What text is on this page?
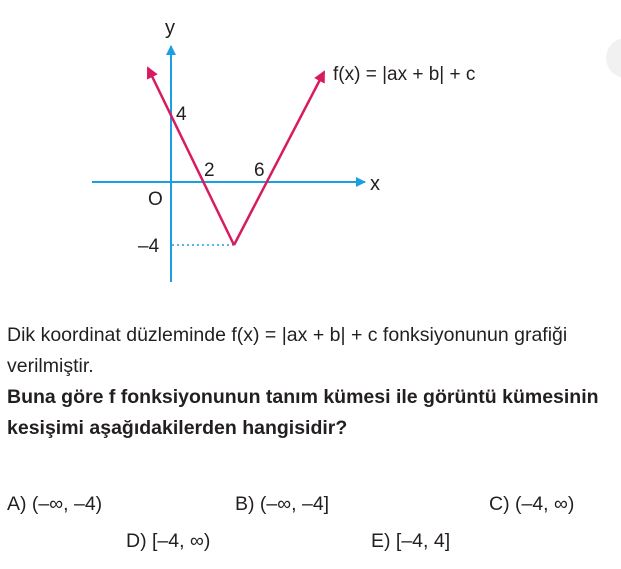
y
x
O
4
2 6
–4
f(x) = |ax + b| + c

Dik koordinat düzleminde f(x) = |ax + b| + c fonksiyonunun grafiği verilmiştir.

Buna göre f fonksiyonunun tanım kümesi ile görüntü kümesinin kesişimi aşağıdakilerden hangisidir?

A) (–∞, –4)	B) (–∞, –4]	C) (–4, ∞)
D) [–4, ∞)	E) [–4, 4]
